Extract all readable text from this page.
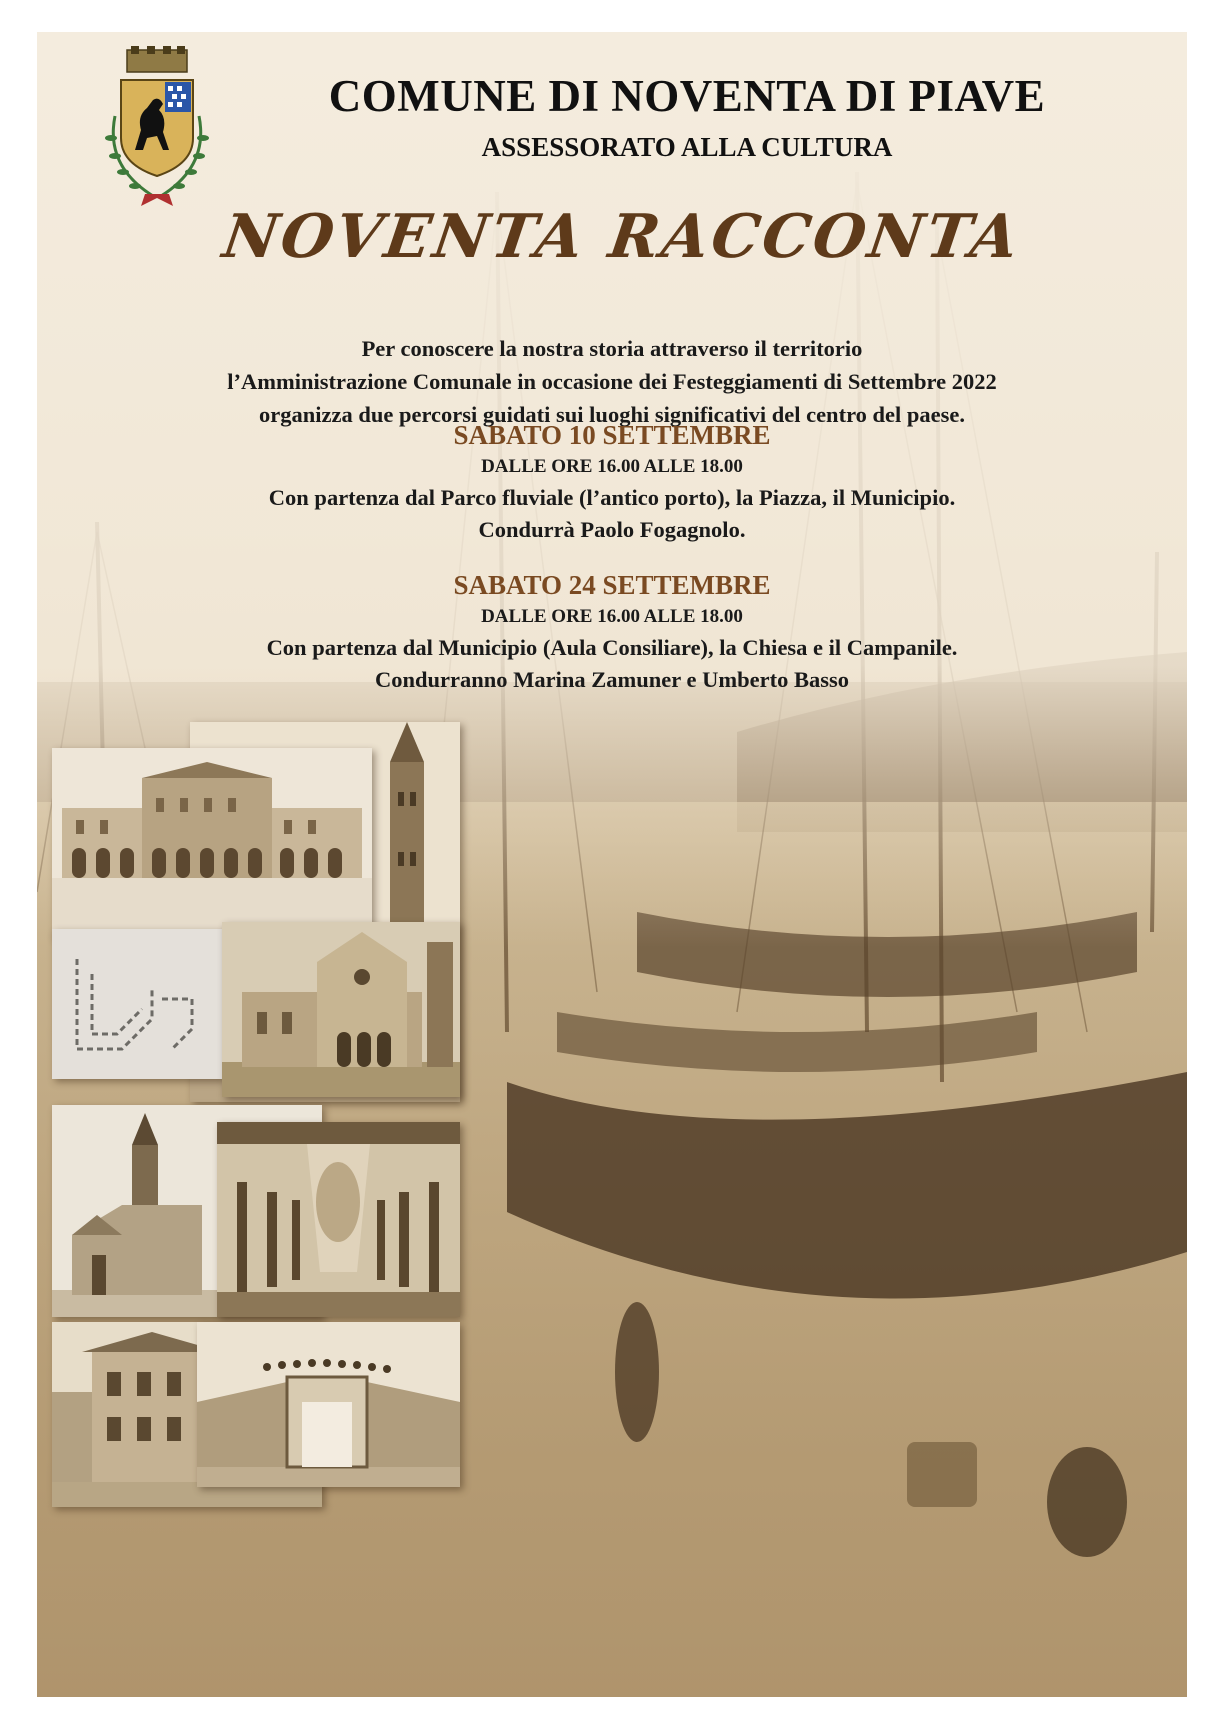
COMUNE DI NOVENTA DI PIAVE
ASSESSORATO ALLA CULTURA
NOVENTA RACCONTA

Per conoscere la nostra storia attraverso il territorio

l’Amministrazione Comunale in occasione dei Festeggiamenti di Settembre 2022

organizza due percorsi guidati sui luoghi significativi del centro del paese.

SABATO 10 SETTEMBRE

DALLE ORE 16.00 ALLE 18.00

Con partenza dal Parco fluviale (l’antico porto), la Piazza, il Municipio.

Condurrà Paolo Fogagnolo.

SABATO 24 SETTEMBRE

DALLE ORE 16.00 ALLE 18.00

Con partenza dal Municipio (Aula Consiliare), la Chiesa e il Campanile.

Condurranno Marina Zamuner e Umberto Basso
